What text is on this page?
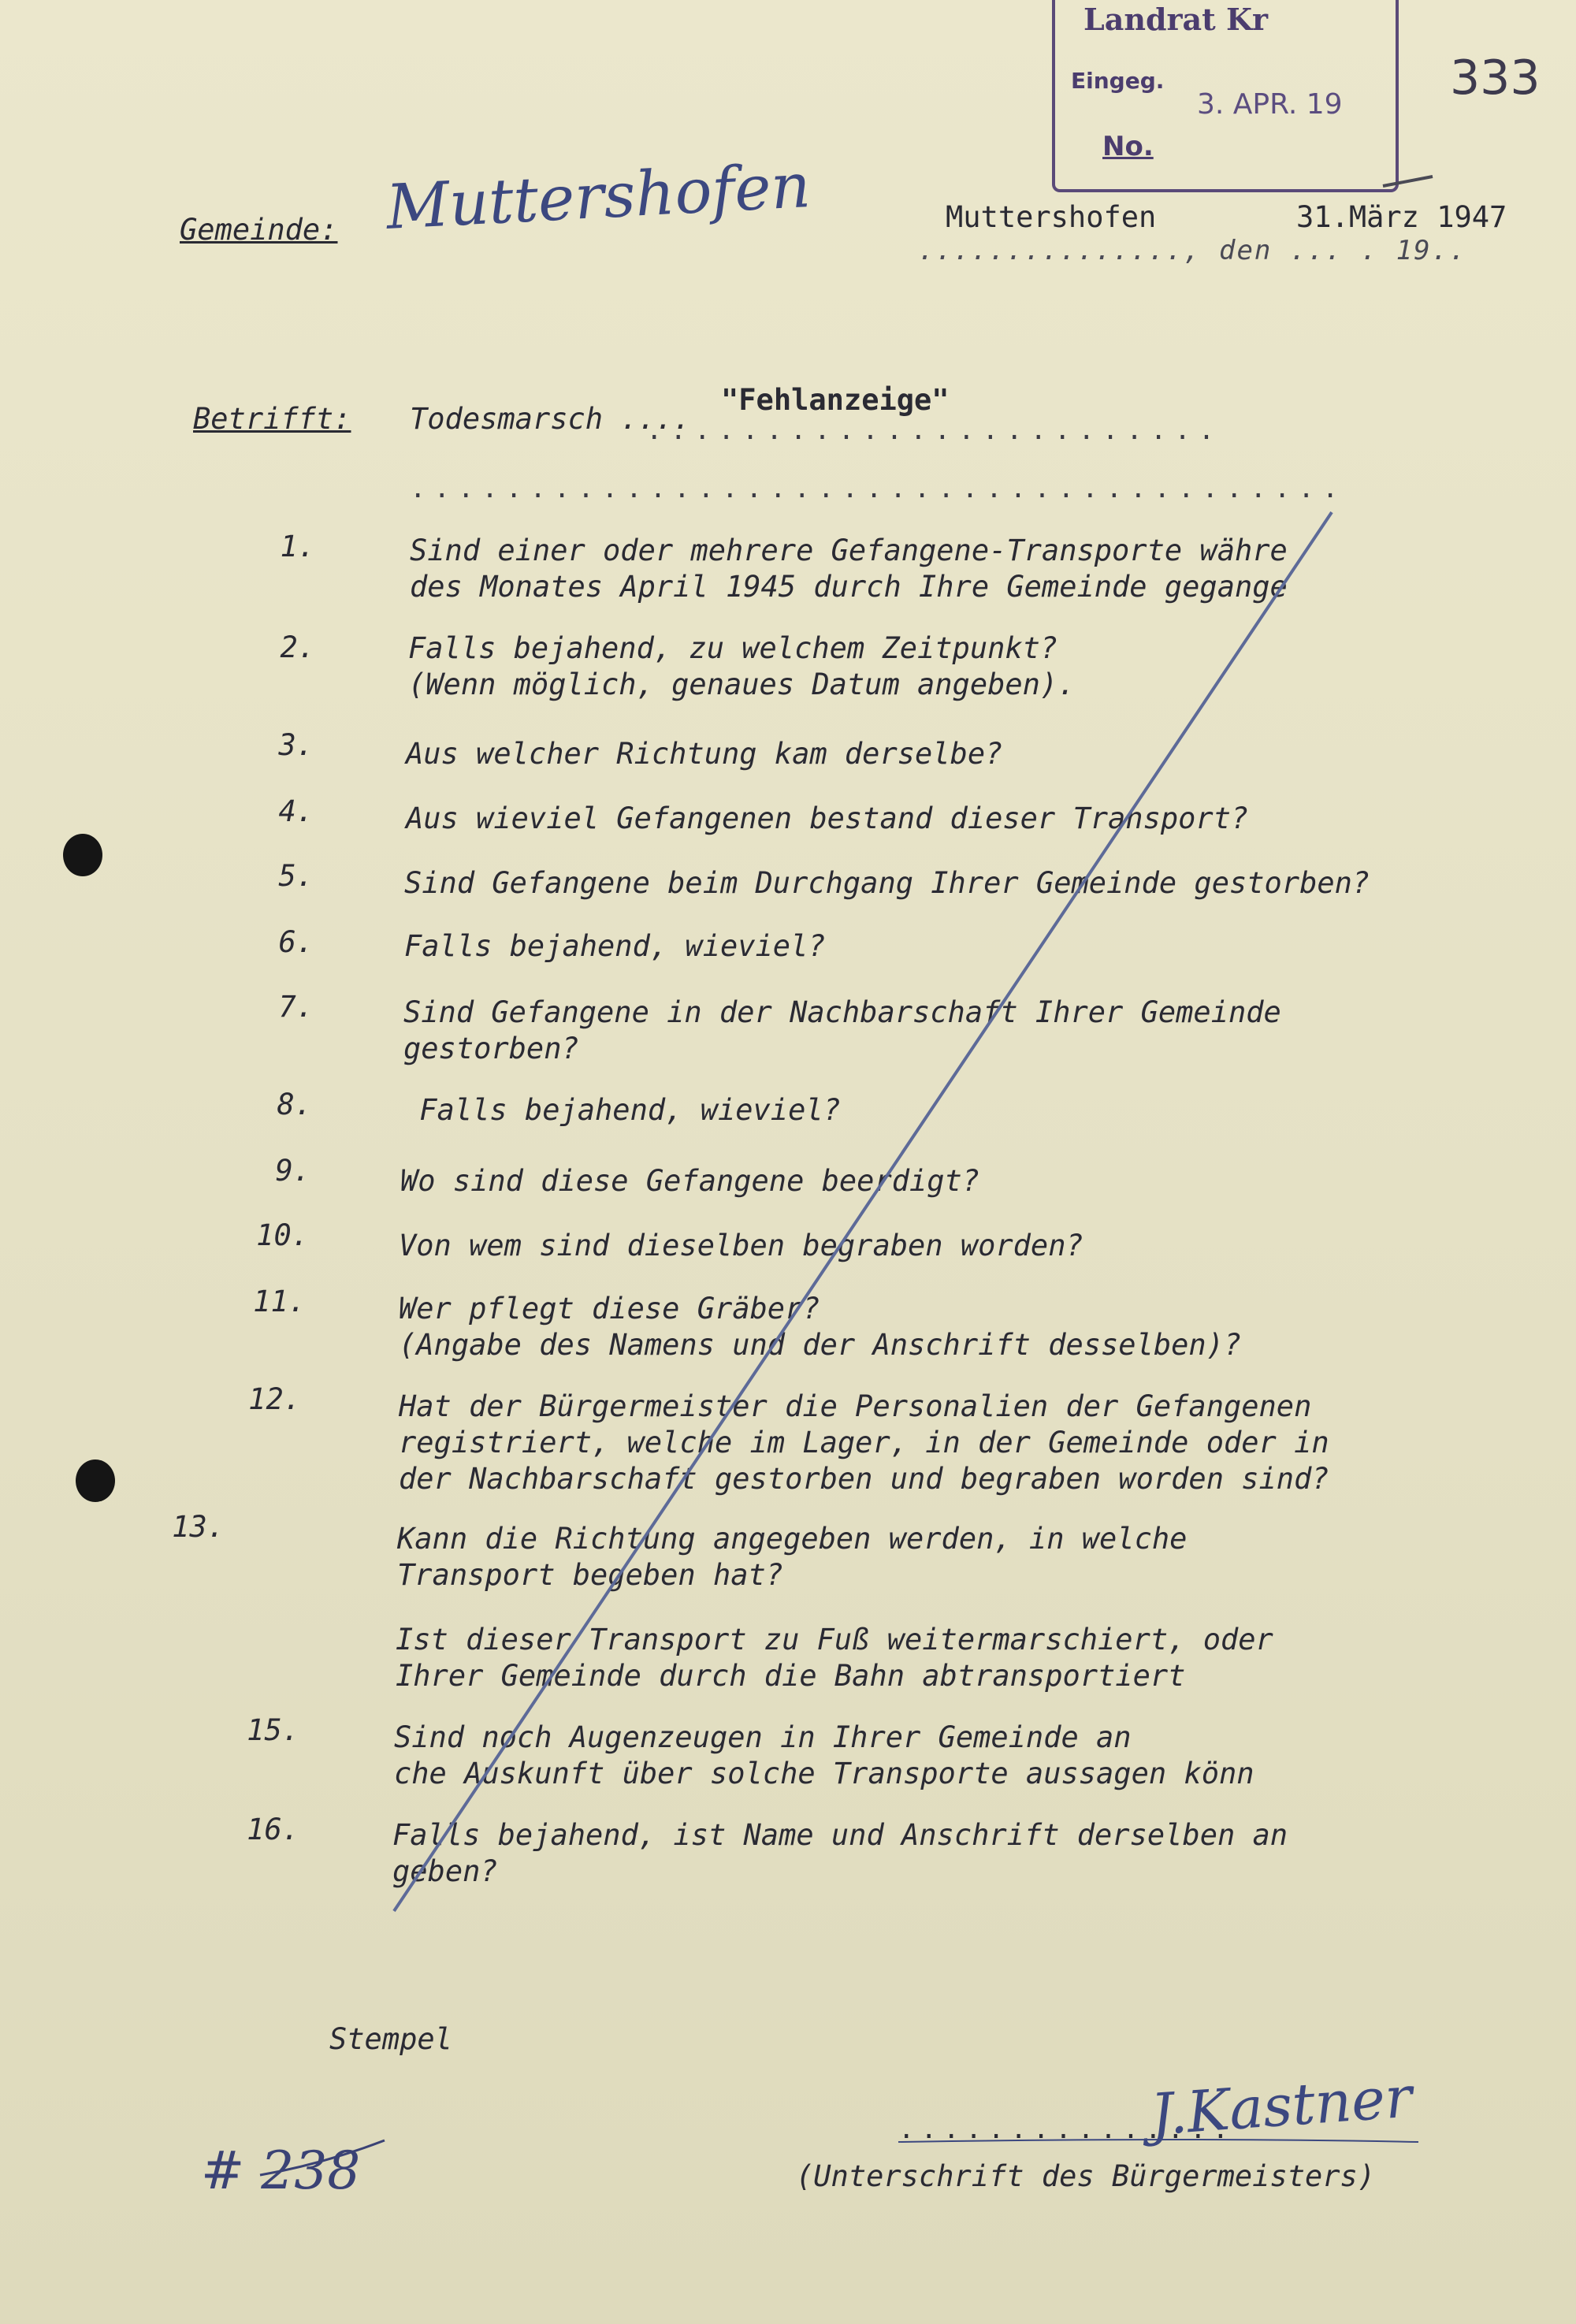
Landrat Kr
Eingeg.
3. APR. 19
No.
333
Gemeinde: Muttershofen	Muttershofen	31.März 1947
..............., den ... . 19..
Betrifft: Todesmarsch ....
"Fehlanzeige"
........................
.......................................
1.	Sind einer oder mehrere Gefangene-Transporte währe
des Monates April 1945 durch Ihre Gemeinde gegange
2.	Falls bejahend, zu welchem Zeitpunkt?
(Wenn möglich, genaues Datum angeben).
3.	Aus welcher Richtung kam derselbe?
4.	Aus wieviel Gefangenen bestand dieser Transport?
5.	Sind Gefangene beim Durchgang Ihrer Gemeinde gestorben?
6.	Falls bejahend, wieviel?
7.	Sind Gefangene in der Nachbarschaft Ihrer Gemeinde
gestorben?
8.	Falls bejahend, wieviel?
9.	Wo sind diese Gefangene beerdigt?
10.	Von wem sind dieselben begraben worden?
11.	Wer pflegt diese Gräber?
(Angabe des Namens und der Anschrift desselben)?
12.	Hat der Bürgermeister die Personalien der Gefangenen
registriert, welche im Lager, in der Gemeinde oder in
der Nachbarschaft gestorben und begraben worden sind?
13.	Kann die Richtung angegeben werden, in welche
Transport begeben hat?
Ist dieser Transport zu Fuß weitermarschiert, oder
Ihrer Gemeinde durch die Bahn abtransportiert
15.	Sind noch Augenzeugen in Ihrer Gemeinde an
che Auskunft über solche Transporte aussagen könn
16.	Falls bejahend, ist Name und Anschrift derselben an
geben?
Stempel
...............
J.Kastner
(Unterschrift des Bürgermeisters)
# 238
